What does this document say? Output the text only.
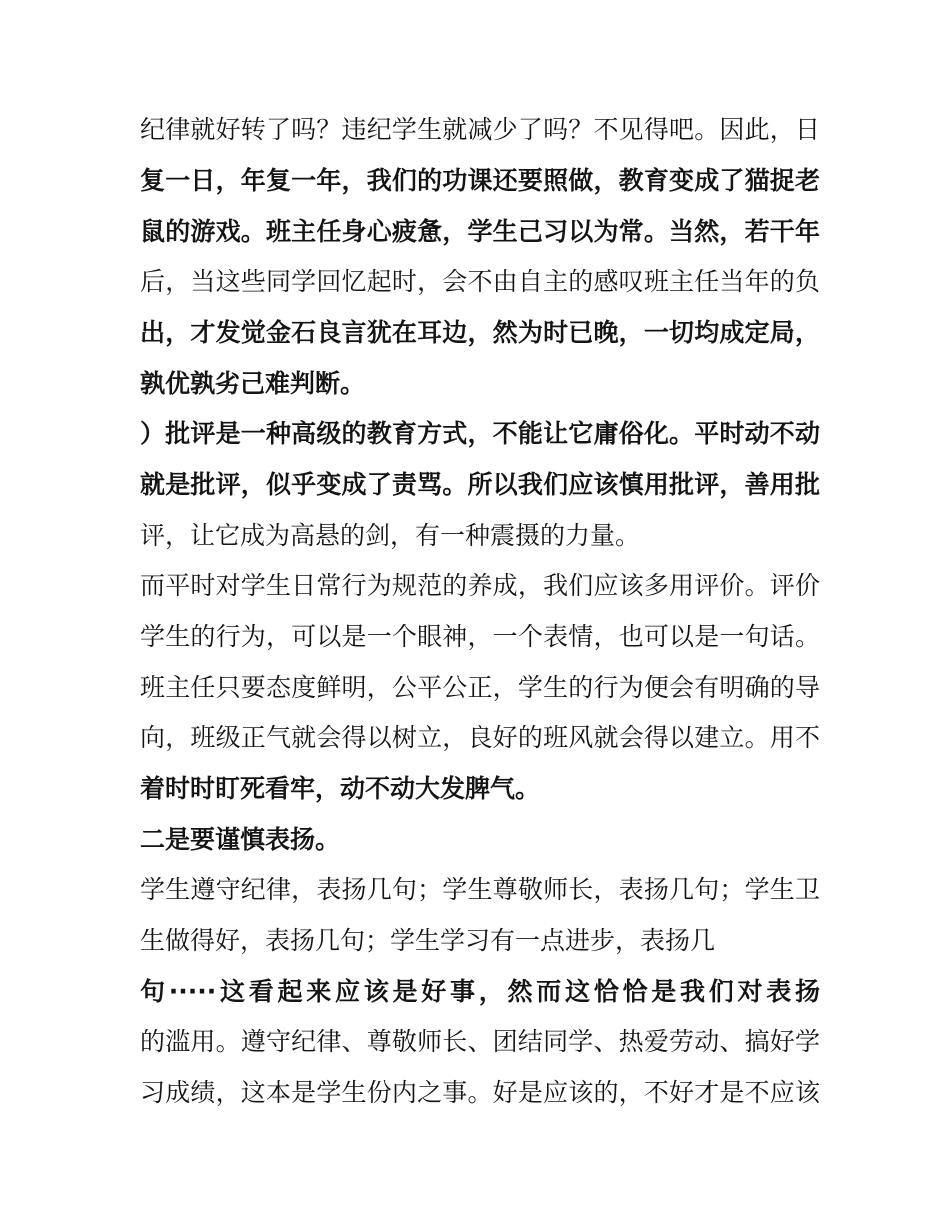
纪律就好转了吗？违纪学生就减少了吗？不见得吧。因此，日
复一日，年复一年，我们的功课还要照做，教育变成了猫捉老
鼠的游戏。班主任身心疲惫，学生己习以为常。当然，若干年
后，当这些同学回忆起时，会不由自主的感叹班主任当年的负
出，才发觉金石良言犹在耳边，然为时已晚，一切均成定局，
孰优孰劣己难判断。
）批评是一种高级的教育方式，不能让它庸俗化。平时动不动
就是批评，似乎变成了责骂。所以我们应该慎用批评，善用批
评，让它成为高悬的剑，有一种震摄的力量。
而平时对学生日常行为规范的养成，我们应该多用评价。评价
学生的行为，可以是一个眼神，一个表情，也可以是一句话。
班主任只要态度鲜明，公平公正，学生的行为便会有明确的导
向，班级正气就会得以树立，良好的班风就会得以建立。用不
着时时盯死看牢，动不动大发脾气。
二是要谨慎表扬。
学生遵守纪律，表扬几句；学生尊敬师长，表扬几句；学生卫
生做得好，表扬几句；学生学习有一点进步，表扬几
句·····这看起来应该是好事，然而这恰恰是我们对表扬
的滥用。遵守纪律、尊敬师长、团结同学、热爱劳动、搞好学
习成绩，这本是学生份内之事。好是应该的，不好才是不应该
